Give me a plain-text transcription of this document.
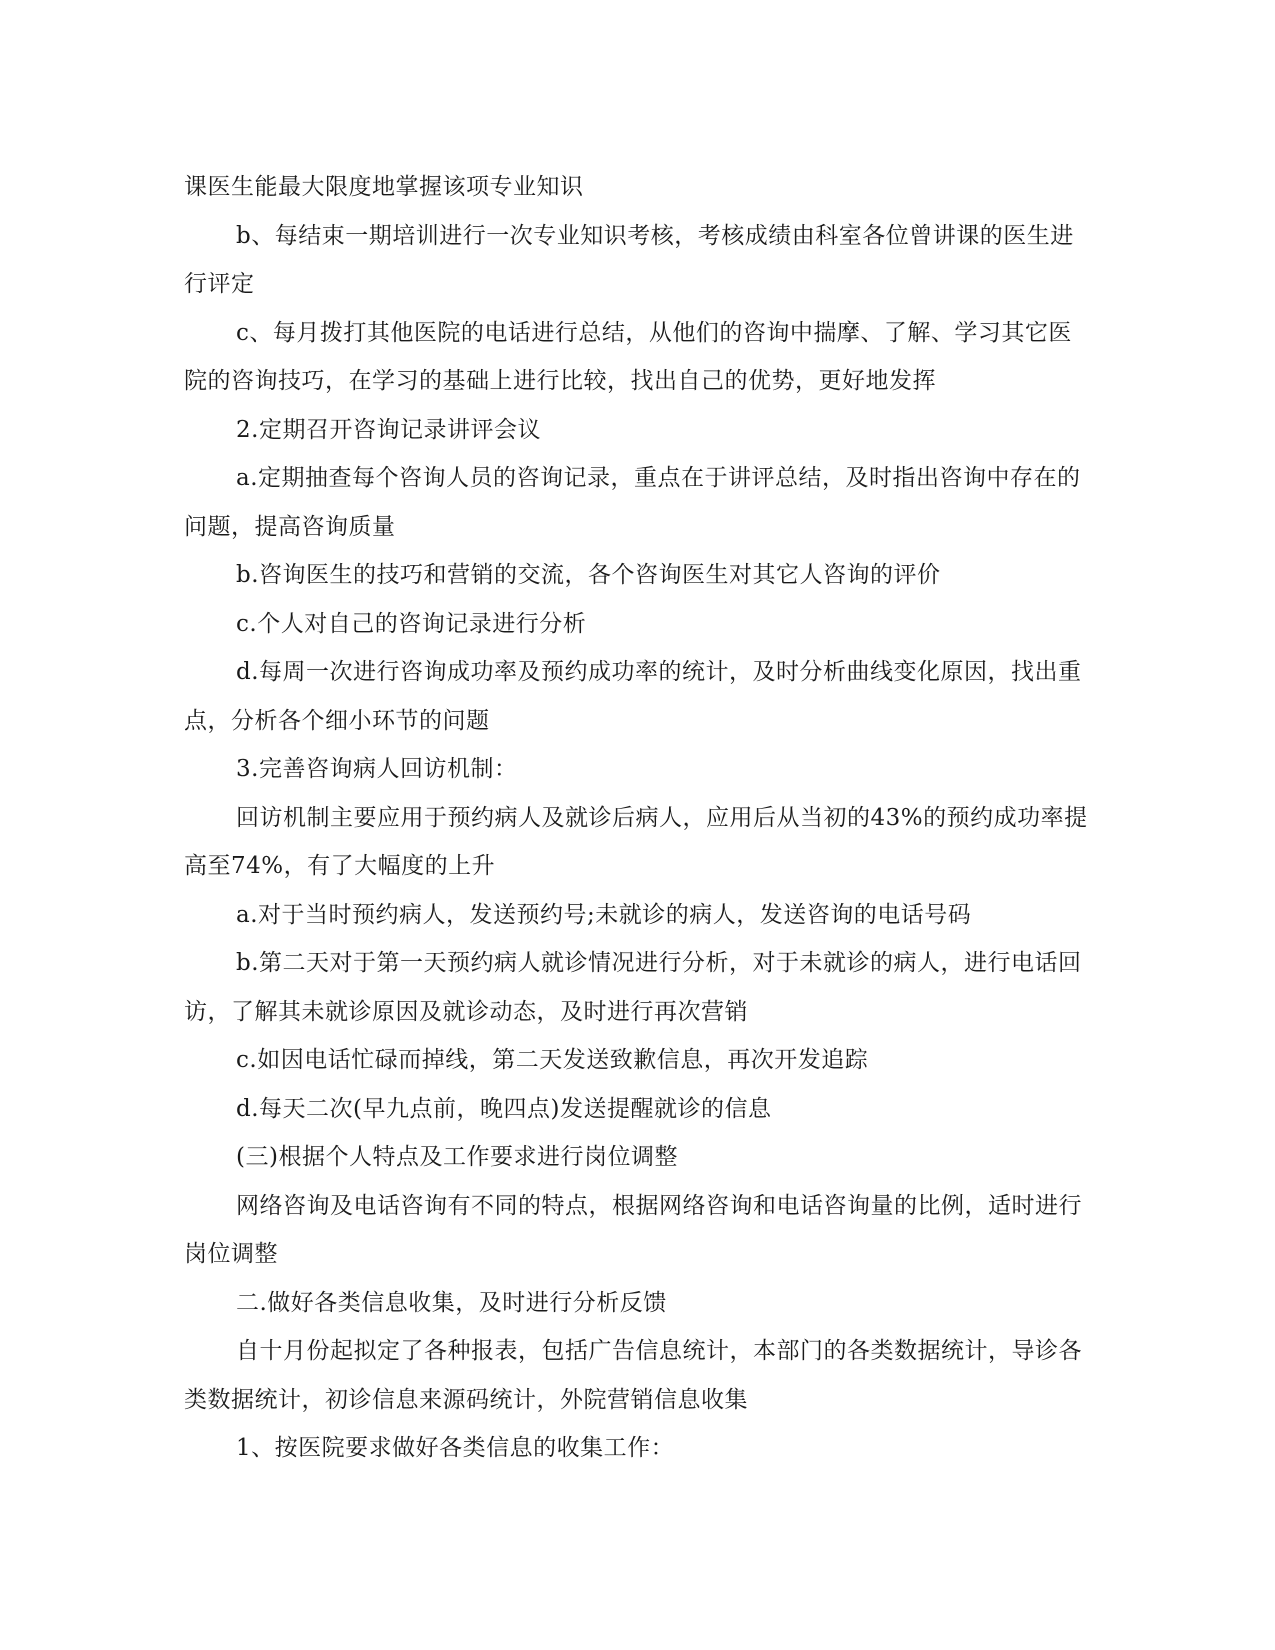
课医生能最大限度地掌握该项专业知识

b、每结束一期培训进行一次专业知识考核，考核成绩由科室各位曾讲课的医生进行评定

c、每月拨打其他医院的电话进行总结，从他们的咨询中揣摩、了解、学习其它医院的咨询技巧，在学习的基础上进行比较，找出自己的优势，更好地发挥

2.定期召开咨询记录讲评会议

a.定期抽查每个咨询人员的咨询记录，重点在于讲评总结，及时指出咨询中存在的问题，提高咨询质量

b.咨询医生的技巧和营销的交流，各个咨询医生对其它人咨询的评价

c.个人对自己的咨询记录进行分析

d.每周一次进行咨询成功率及预约成功率的统计，及时分析曲线变化原因，找出重点，分析各个细小环节的问题

3.完善咨询病人回访机制：

回访机制主要应用于预约病人及就诊后病人，应用后从当初的43%的预约成功率提高至74%，有了大幅度的上升

a.对于当时预约病人，发送预约号;未就诊的病人，发送咨询的电话号码

b.第二天对于第一天预约病人就诊情况进行分析，对于未就诊的病人，进行电话回访，了解其未就诊原因及就诊动态，及时进行再次营销

c.如因电话忙碌而掉线，第二天发送致歉信息，再次开发追踪

d.每天二次(早九点前，晚四点)发送提醒就诊的信息

(三)根据个人特点及工作要求进行岗位调整

网络咨询及电话咨询有不同的特点，根据网络咨询和电话咨询量的比例，适时进行岗位调整

二.做好各类信息收集，及时进行分析反馈

自十月份起拟定了各种报表，包括广告信息统计，本部门的各类数据统计，导诊各类数据统计，初诊信息来源码统计，外院营销信息收集

1、按医院要求做好各类信息的收集工作：
